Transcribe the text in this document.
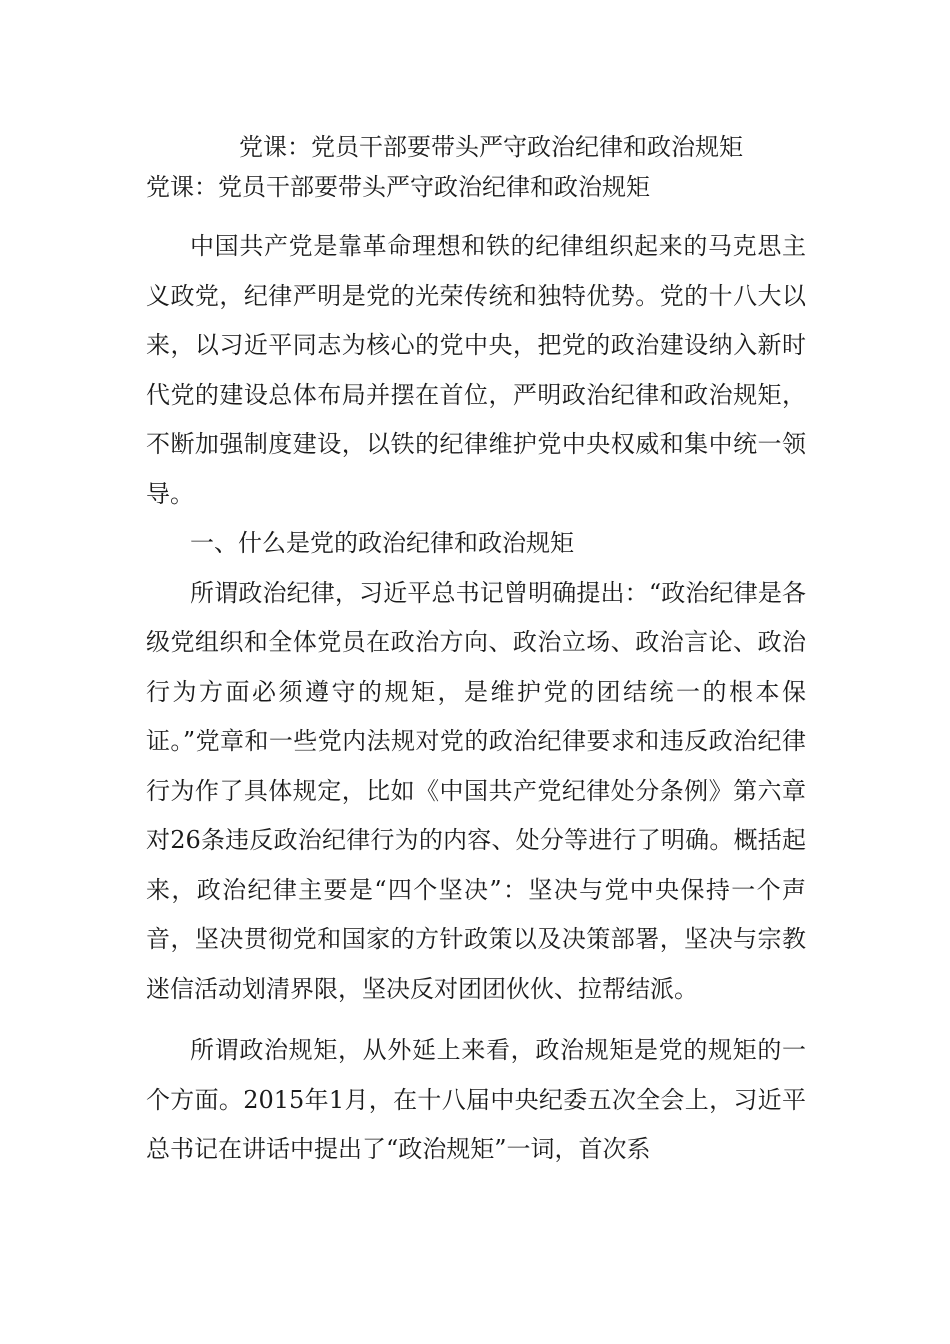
党课：党员干部要带头严守政治纪律和政治规矩

党课：党员干部要带头严守政治纪律和政治规矩

中国共产党是靠革命理想和铁的纪律组织起来的马克思主义政党，纪律严明是党的光荣传统和独特优势。党的十八大以来，以习近平同志为核心的党中央，把党的政治建设纳入新时代党的建设总体布局并摆在首位，严明政治纪律和政治规矩，不断加强制度建设，以铁的纪律维护党中央权威和集中统一领导。

一、什么是党的政治纪律和政治规矩

所谓政治纪律，习近平总书记曾明确提出：“政治纪律是各级党组织和全体党员在政治方向、政治立场、政治言论、政治行为方面必须遵守的规矩，是维护党的团结统一的根本保证。”党章和一些党内法规对党的政治纪律要求和违反政治纪律行为作了具体规定，比如《中国共产党纪律处分条例》第六章对26条违反政治纪律行为的内容、处分等进行了明确。概括起来，政治纪律主要是“四个坚决”：坚决与党中央保持一个声音，坚决贯彻党和国家的方针政策以及决策部署，坚决与宗教迷信活动划清界限，坚决反对团团伙伙、拉帮结派。

所谓政治规矩，从外延上来看，政治规矩是党的规矩的一个方面。2015年1月，在十八届中央纪委五次全会上，习近平总书记在讲话中提出了“政治规矩”一词，首次系
